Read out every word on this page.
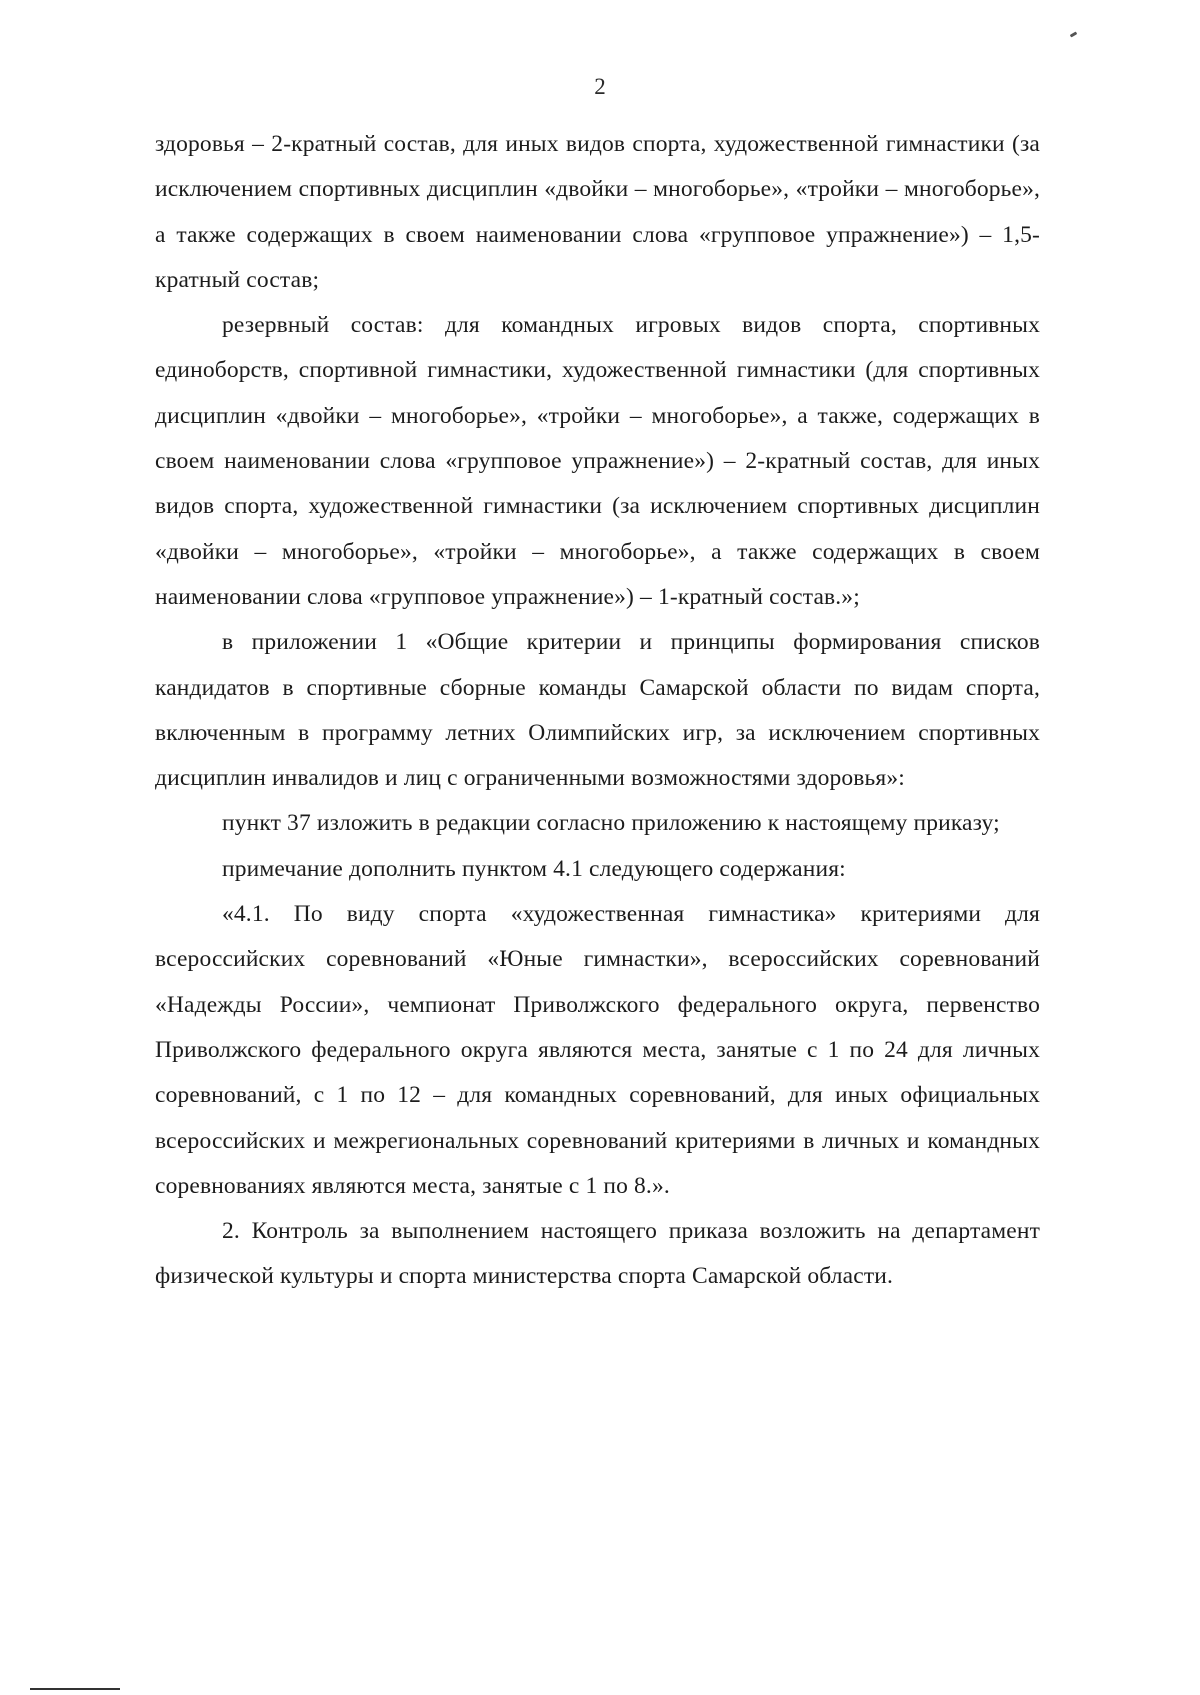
2

здоровья – 2-кратный состав, для иных видов спорта, художественной гимнастики (за исключением спортивных дисциплин «двойки – многоборье», «тройки – многоборье», а также содержащих в своем наименовании слова «групповое упражнение») – 1,5-кратный состав;

резервный состав: для командных игровых видов спорта, спортивных единоборств, спортивной гимнастики, художественной гимнастики (для спортивных дисциплин «двойки – многоборье», «тройки – многоборье», а также, содержащих в своем наименовании слова «групповое упражнение») – 2-кратный состав, для иных видов спорта, художественной гимнастики (за исключением спортивных дисциплин «двойки – многоборье», «тройки – многоборье», а также содержащих в своем наименовании слова «групповое упражнение») – 1-кратный состав.»;

в приложении 1 «Общие критерии и принципы формирования списков кандидатов в спортивные сборные команды Самарской области по видам спорта, включенным в программу летних Олимпийских игр, за исключением спортивных дисциплин инвалидов и лиц с ограниченными возможностями здоровья»:

пункт 37 изложить в редакции согласно приложению к настоящему приказу;

примечание дополнить пунктом 4.1 следующего содержания:

«4.1. По виду спорта «художественная гимнастика» критериями для всероссийских соревнований «Юные гимнастки», всероссийских соревнований «Надежды России», чемпионат Приволжского федерального округа, первенство Приволжского федерального округа являются места, занятые с 1 по 24 для личных соревнований, с 1 по 12 – для командных соревнований, для иных официальных всероссийских и межрегиональных соревнований критериями в личных и командных соревнованиях являются места, занятые с 1 по 8.».

2. Контроль за выполнением настоящего приказа возложить на департамент физической культуры и спорта министерства спорта Самарской области.
